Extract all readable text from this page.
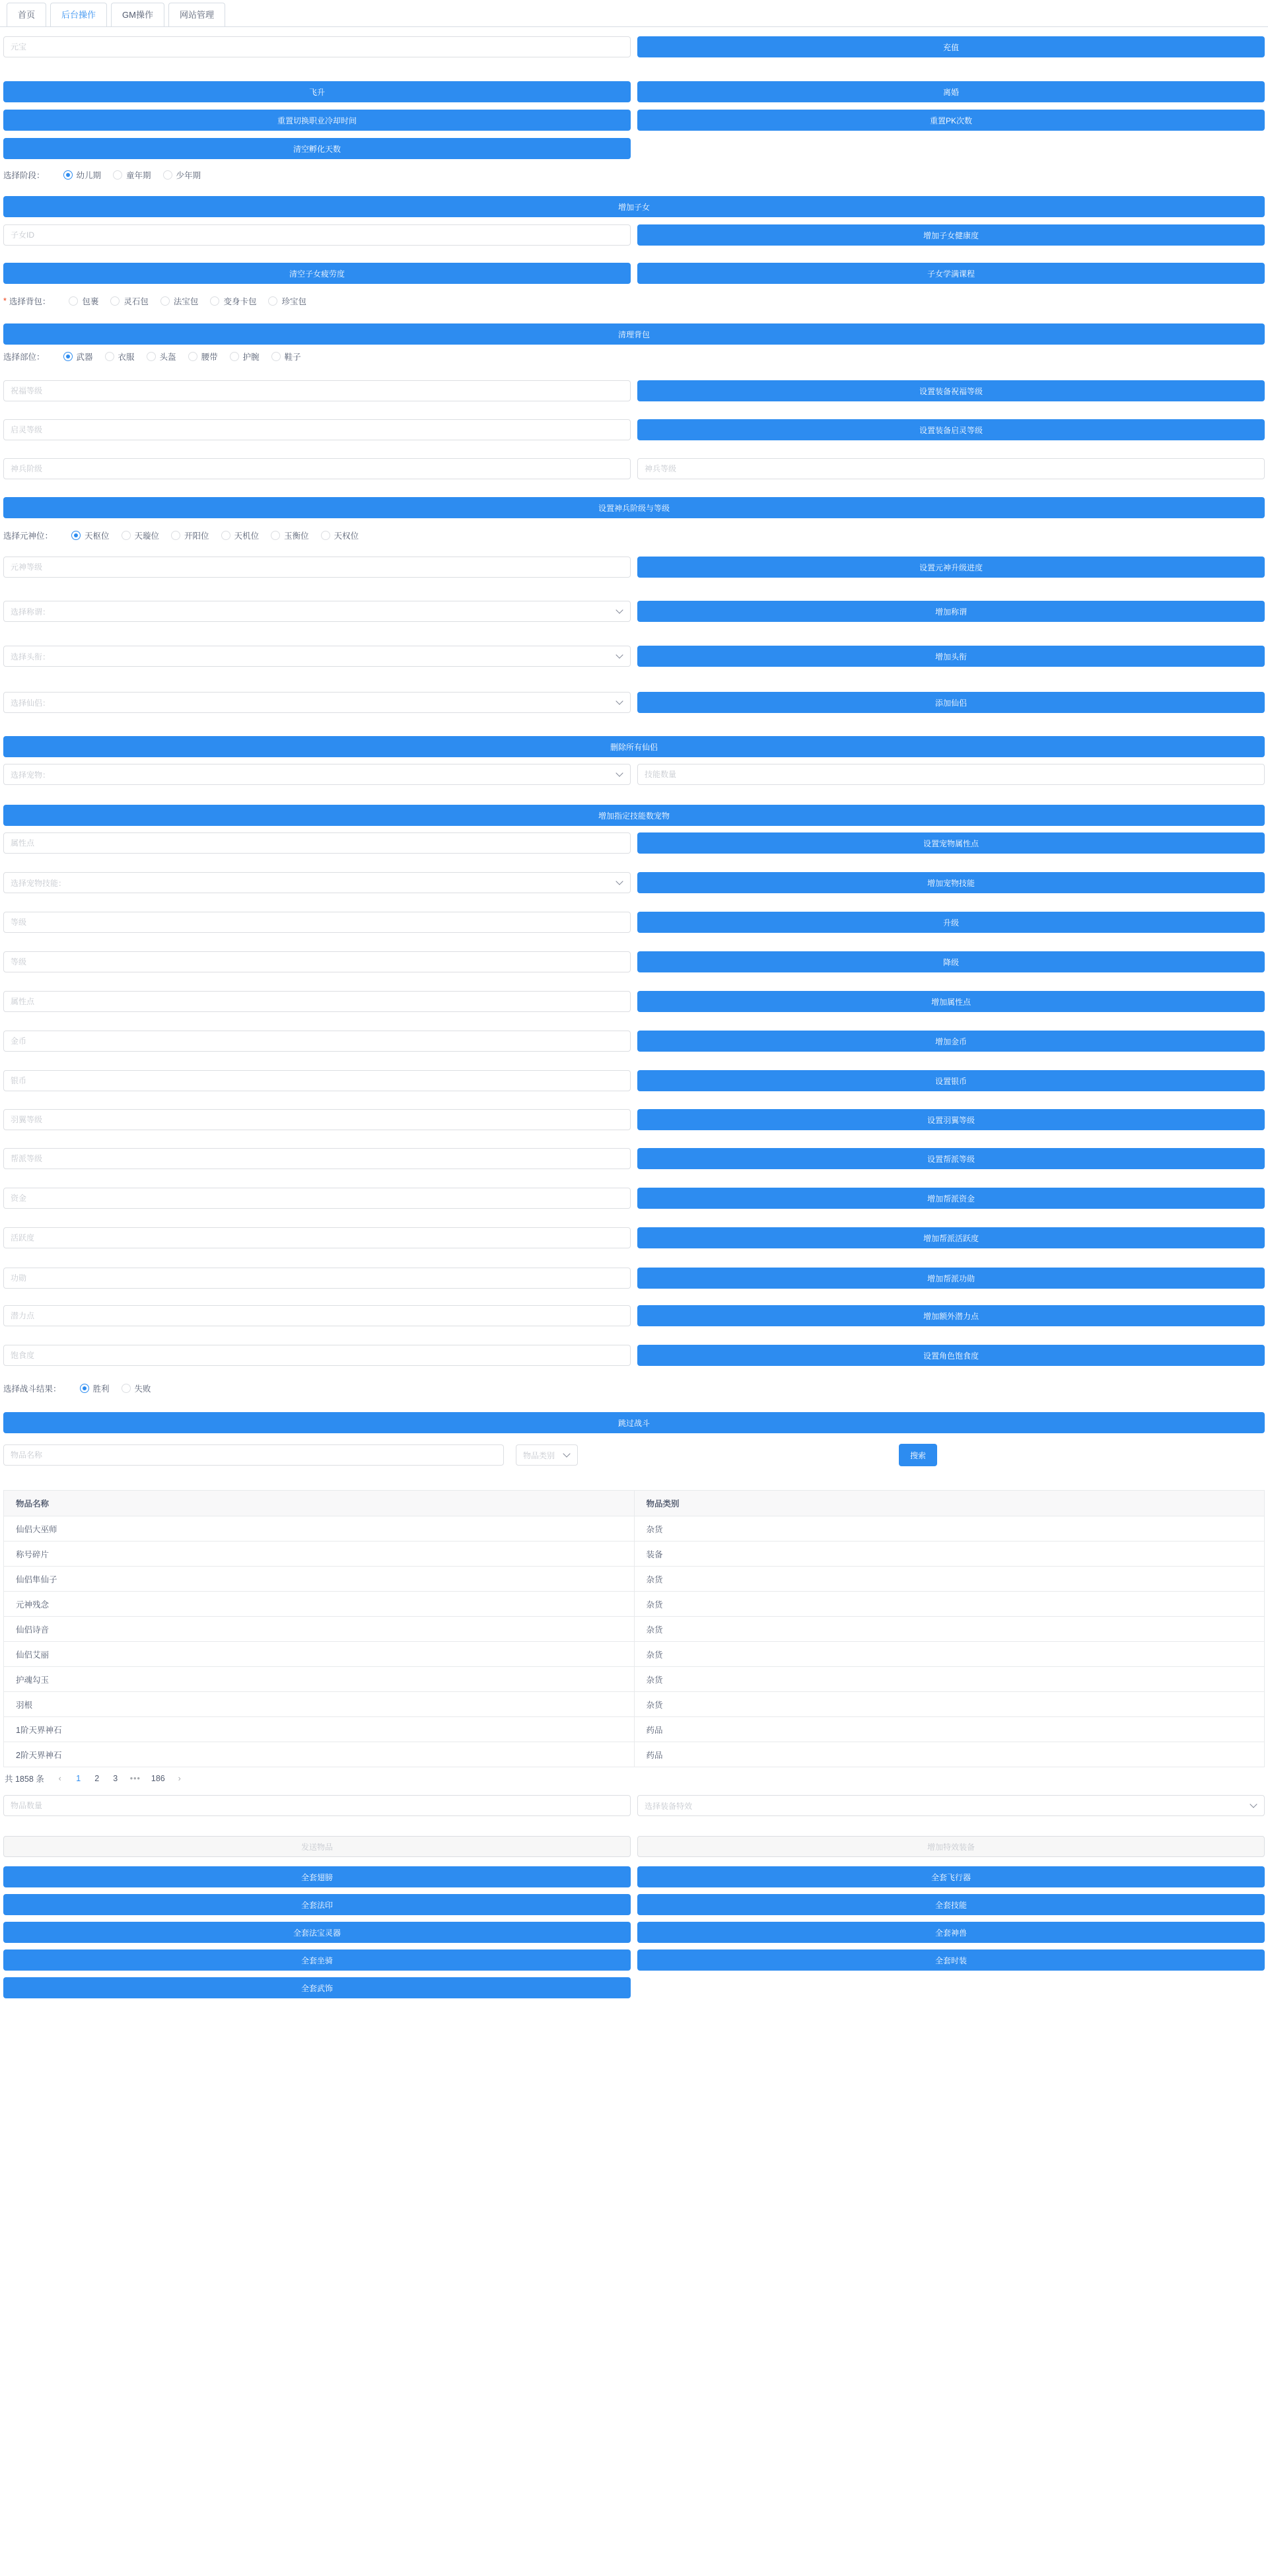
首页	后台操作	GM操作	网站管理
元宝
充值
飞升	离婚
重置切换职业冷却时间	重置PK次数
清空孵化天数
选择阶段：	幼儿期	童年期	少年期
增加子女
子女ID
增加子女健康度
清空子女疲劳度	子女学满课程
* 选择背包：	包裹	灵石包	法宝包	变身卡包	珍宝包
清理背包
选择部位：	武器	衣服	头盔	腰带	护腕	鞋子
祝福等级
设置装备祝福等级
启灵等级
设置装备启灵等级
神兵阶级
神兵等级
设置神兵阶级与等级
选择元神位：	天枢位	天璇位	开阳位	天机位	玉衡位	天权位
元神等级
设置元神升级进度
选择称谓：	增加称谓
选择头衔：	增加头衔
选择仙侣：	添加仙侣
删除所有仙侣
选择宠物：
技能数量
增加指定技能数宠物
属性点
设置宠物属性点
选择宠物技能：	增加宠物技能
等级
升级
等级
降级
属性点
增加属性点
金币
增加金币
银币
设置银币
羽翼等级
设置羽翼等级
帮派等级
设置帮派等级
资金
增加帮派资金
活跃度
增加帮派活跃度
功勋
增加帮派功勋
潜力点
增加额外潜力点
饱食度
设置角色饱食度
选择战斗结果：	胜利	失败
跳过战斗
物品名称
物品类别	搜索
物品名称	物品类别
仙侣大巫师	杂货
称号碎片	装备
仙侣隼仙子	杂货
元神残念	杂货
仙侣诗音	杂货
仙侣艾丽	杂货
护魂勾玉	杂货
羽根	杂货
1阶天界神石	药品
2阶天界神石	药品
共 1858 条	‹	1 2 3 ••• 186	›
物品数量
选择装备特效
发送物品	增加特效装备
全套翅膀	全套飞行器
全套法印	全套技能
全套法宝灵器	全套神兽
全套坐骑	全套时装
全套武饰
